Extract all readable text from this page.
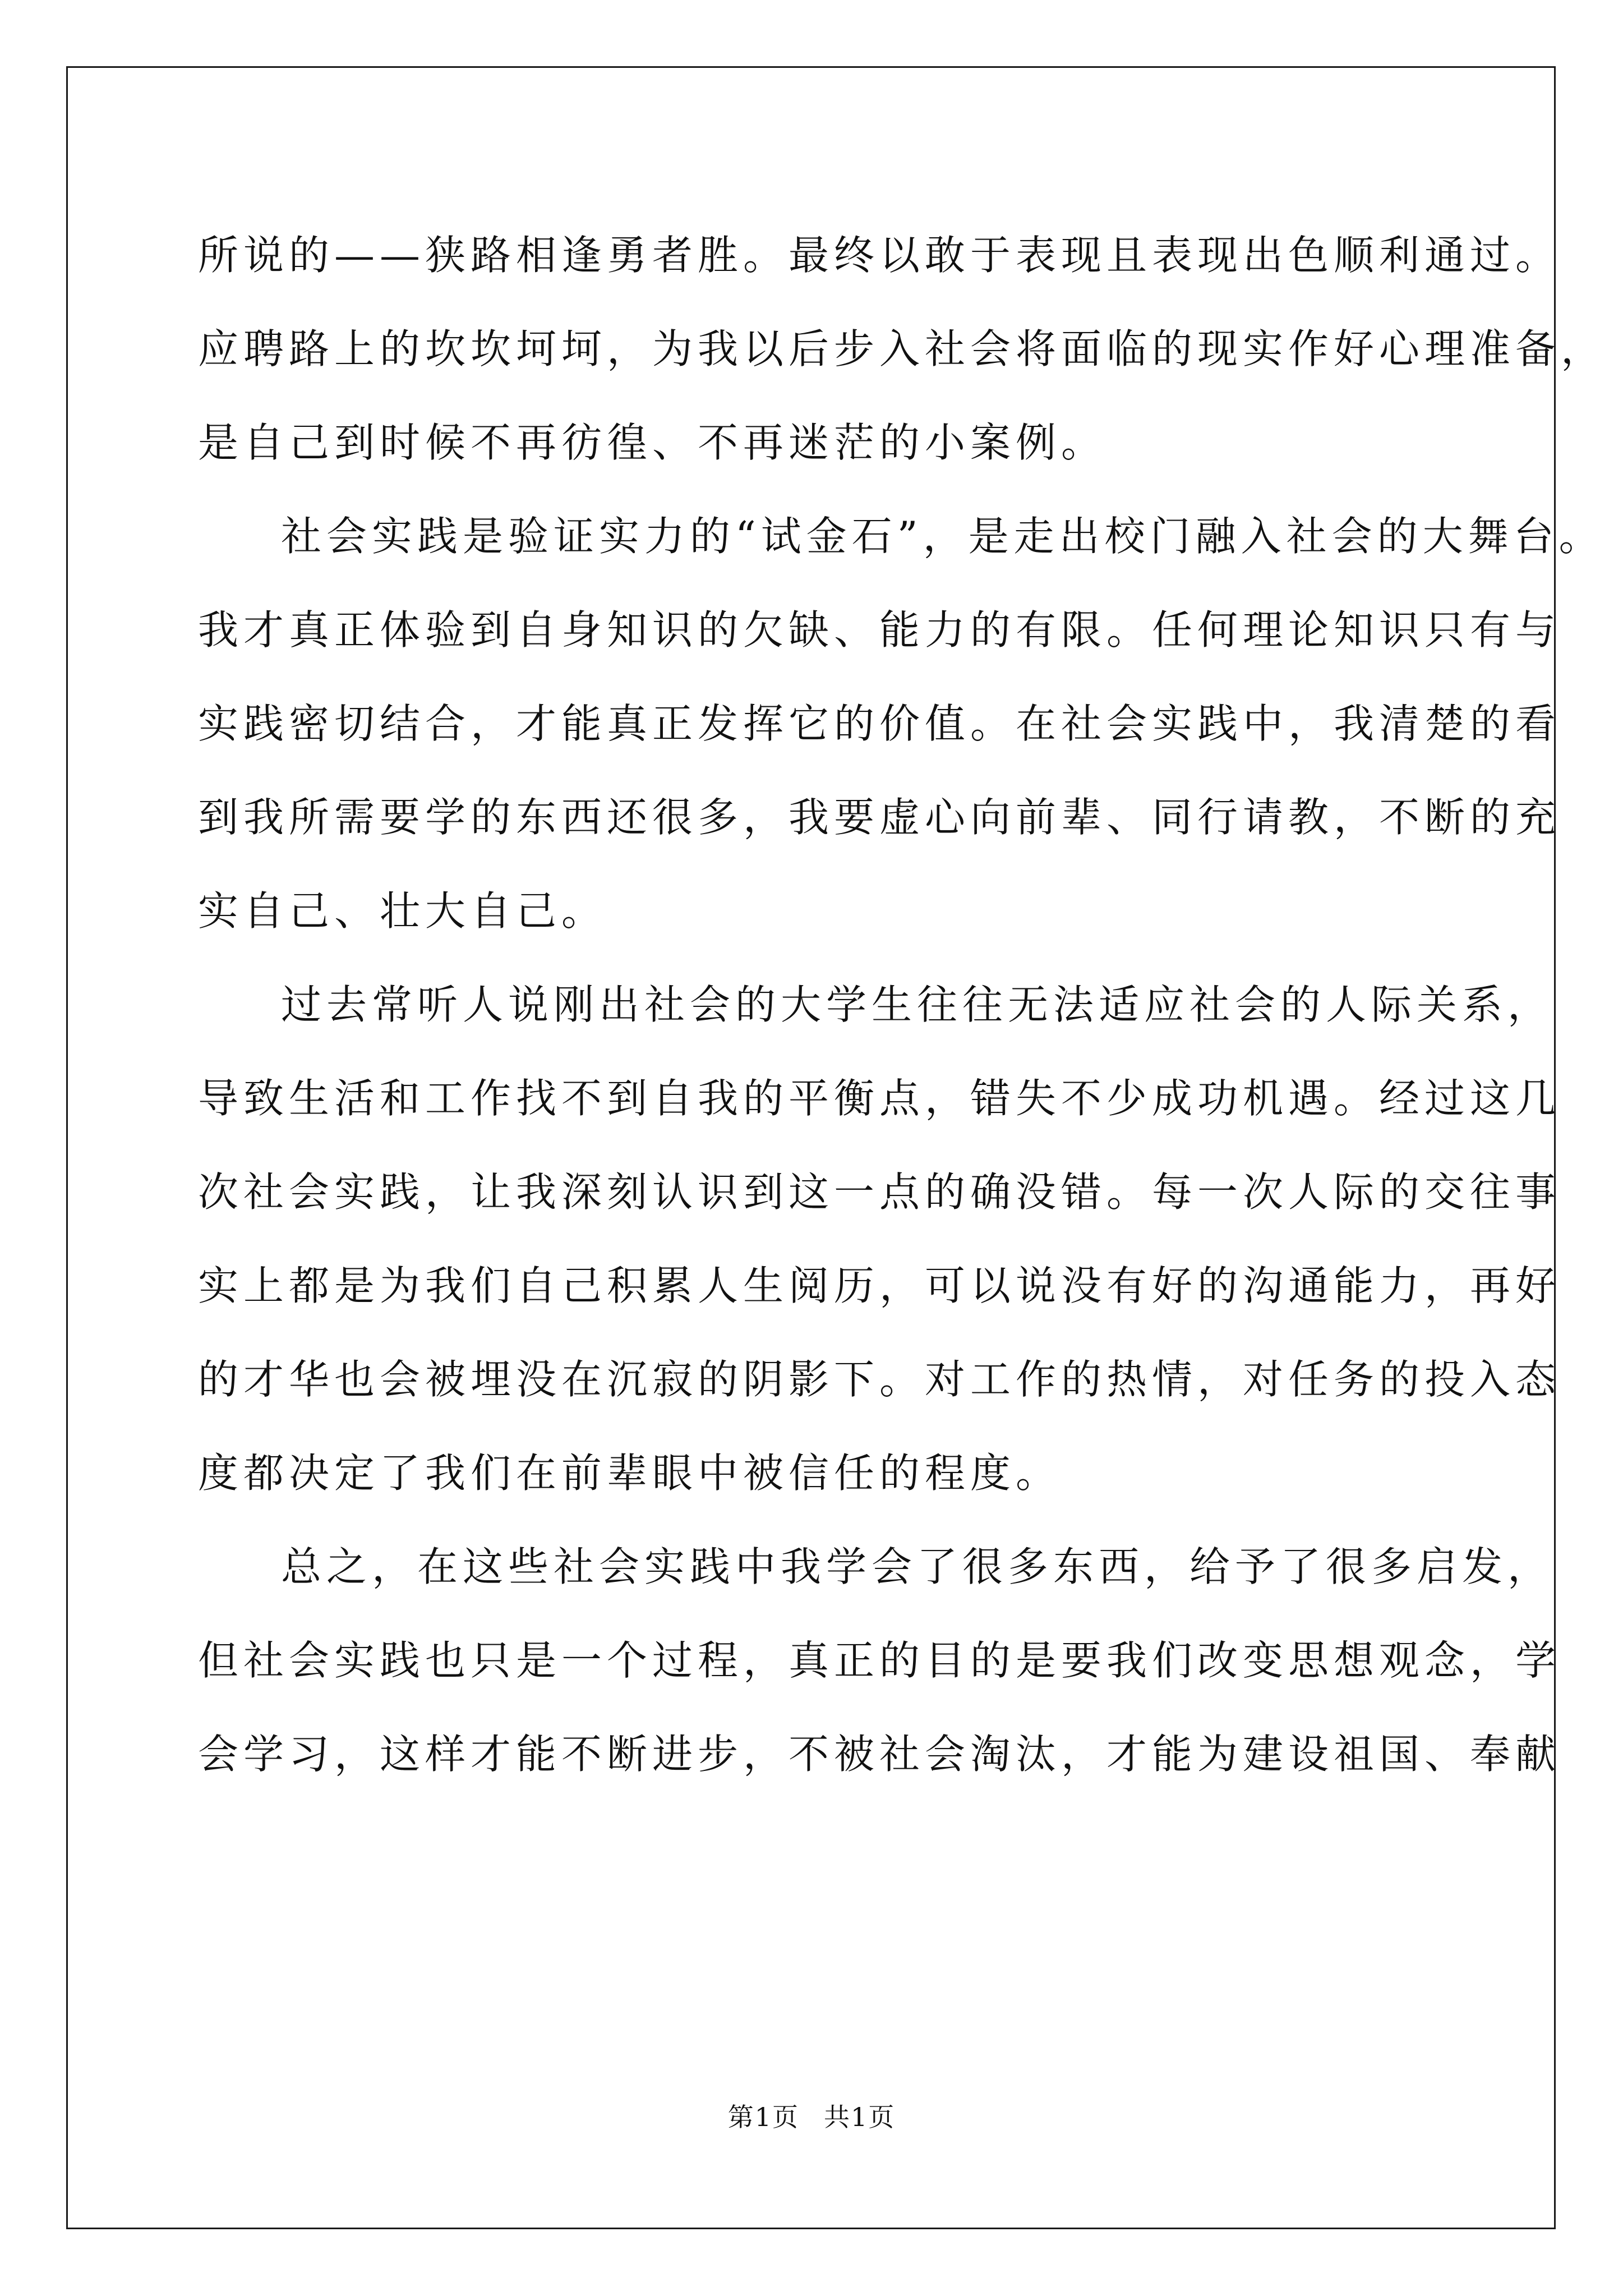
所说的——狭路相逢勇者胜。最终以敢于表现且表现出色顺利通过。
应聘路上的坎坎坷坷，为我以后步入社会将面临的现实作好心理准备，
是自己到时候不再彷徨、不再迷茫的小案例。
社会实践是验证实力的“试金石”，是走出校门融入社会的大舞台。
我才真正体验到自身知识的欠缺、能力的有限。任何理论知识只有与
实践密切结合，才能真正发挥它的价值。在社会实践中，我清楚的看
到我所需要学的东西还很多，我要虚心向前辈、同行请教，不断的充
实自己、壮大自己。
过去常听人说刚出社会的大学生往往无法适应社会的人际关系，
导致生活和工作找不到自我的平衡点，错失不少成功机遇。经过这几
次社会实践，让我深刻认识到这一点的确没错。每一次人际的交往事
实上都是为我们自己积累人生阅历，可以说没有好的沟通能力，再好
的才华也会被埋没在沉寂的阴影下。对工作的热情，对任务的投入态
度都决定了我们在前辈眼中被信任的程度。
总之，在这些社会实践中我学会了很多东西，给予了很多启发，
但社会实践也只是一个过程，真正的目的是要我们改变思想观念，学
会学习，这样才能不断进步，不被社会淘汰，才能为建设祖国、奉献
第1页 共1页
